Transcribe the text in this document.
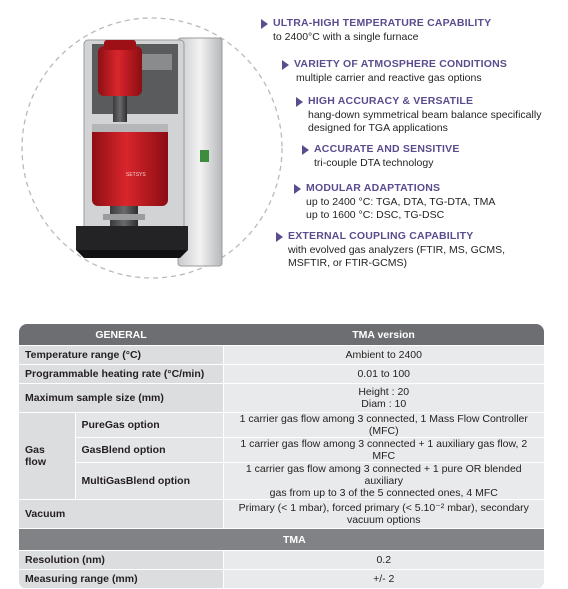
SETSYS
ULTRA-HIGH TEMPERATURE CAPABILITY
to 2400°C with a single furnace
VARIETY OF ATMOSPHERE CONDITIONS
multiple carrier and reactive gas options
HIGH ACCURACY & VERSATILE
hang-down symmetrical beam balance specifically
designed for TGA applications
ACCURATE AND SENSITIVE
tri-couple DTA technology
MODULAR ADAPTATIONS
up to 2400 °C: TGA, DTA, TG-DTA, TMA
up to 1600 °C: DSC, TG-DSC
EXTERNAL COUPLING CAPABILITY
with evolved gas analyzers (FTIR, MS, GCMS,
MSFTIR, or FTIR-GCMS)
GENERAL		TMA version
Temperature range (°C)		Ambient to 2400
Programmable heating rate (°C/min)		0.01 to 100
Maximum sample size (mm)		Height : 20
Diam : 10

Gas flow	PureGas option	1 carrier gas flow among 3 connected, 1 Mass Flow Controller (MFC)
	GasBlend option	1 carrier gas flow among 3 connected + 1 auxiliary gas flow, 2 MFC
	MultiGasBlend option	1 carrier gas flow among 3 connected + 1 pure OR blended auxiliary
gas from up to 3 of the 5 connected ones, 4 MFC

Vacuum		Primary (< 1 mbar), forced primary (< 5.10⁻² mbar), secondary
vacuum options

		TMA
Resolution (nm)		0.2
Measuring range (mm)		+/- 2
